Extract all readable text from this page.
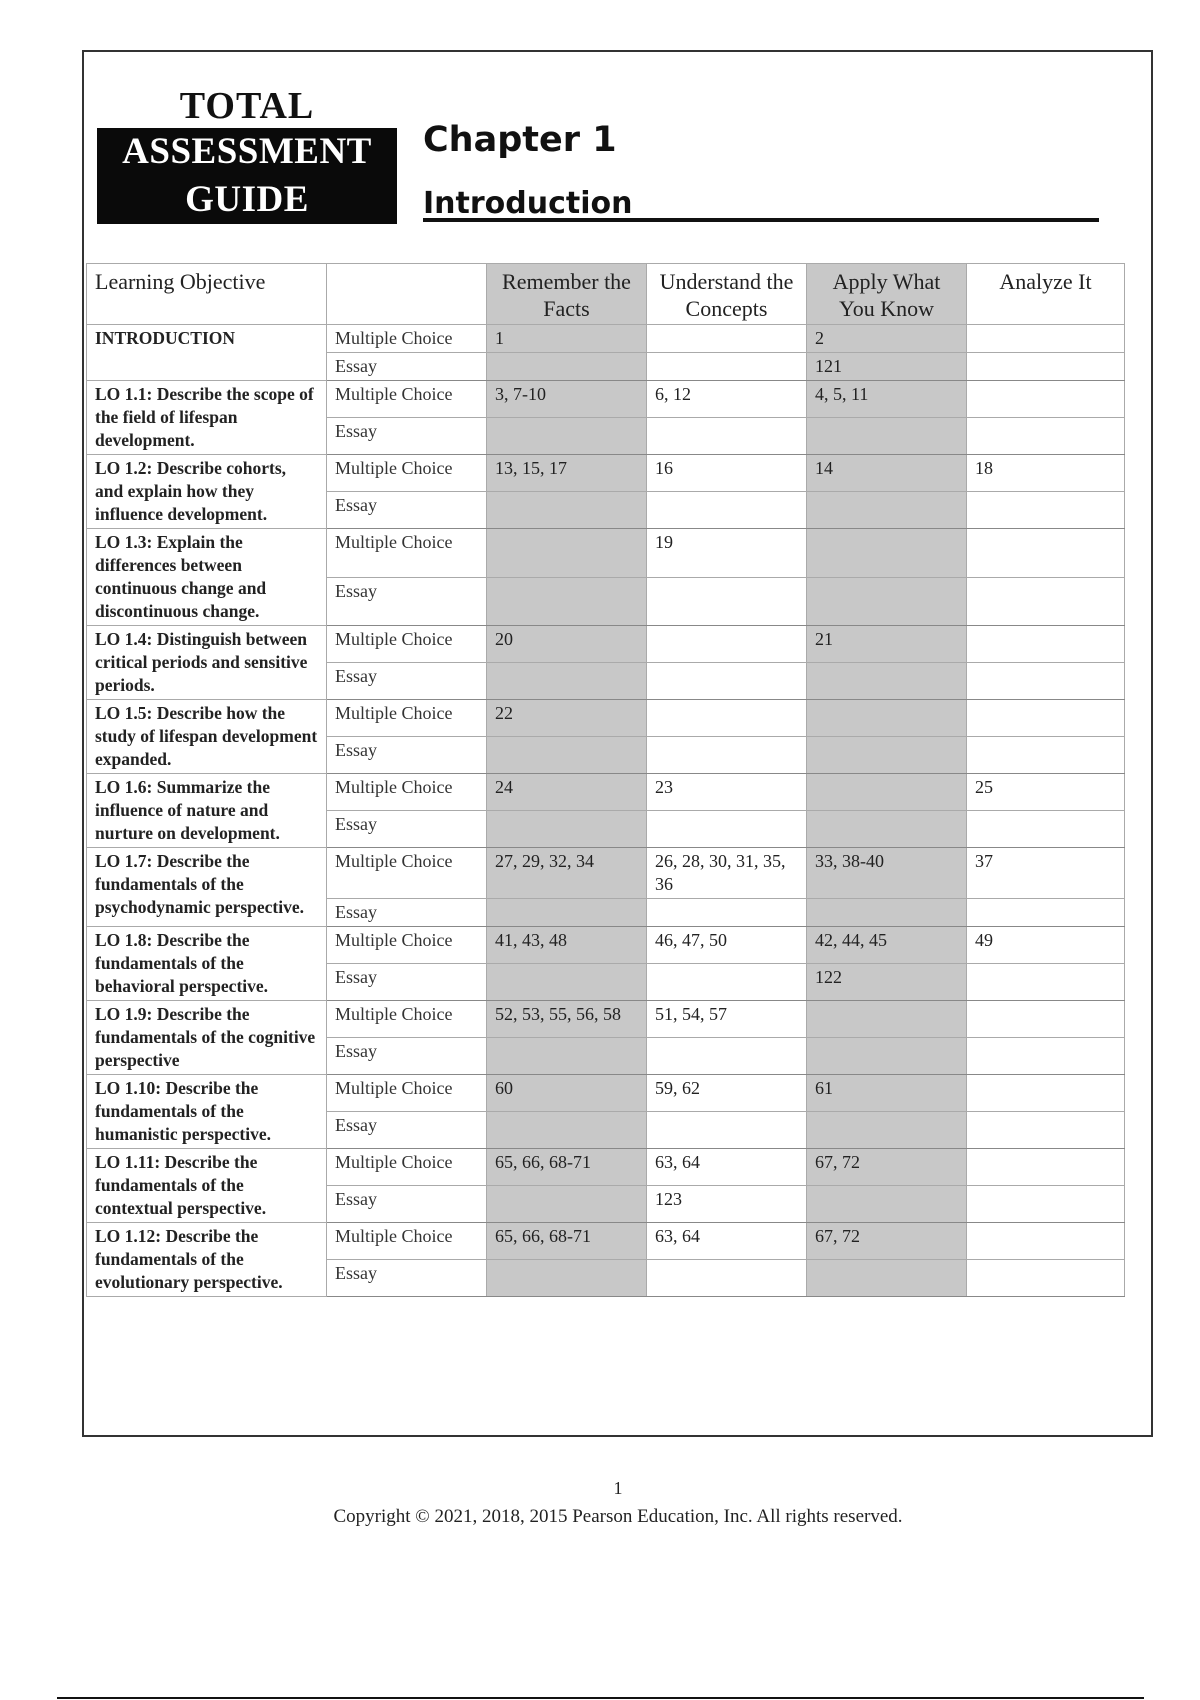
TOTAL
ASSESSMENT
GUIDE
Chapter 1
Introduction
Learning Objective		Remember the Facts	Understand the Concepts	Apply What You Know	Analyze It
INTRODUCTION	Multiple Choice	1		2	
	Essay			121	
LO 1.1: Describe the scope of the field of lifespan development.	Multiple Choice	3, 7-10	6, 12	4, 5, 11	
	Essay				
LO 1.2: Describe cohorts, and explain how they influence development.	Multiple Choice	13, 15, 17	16	14	18
	Essay				
LO 1.3: Explain the differences between continuous change and discontinuous change.	Multiple Choice		19		
	Essay				
LO 1.4: Distinguish between critical periods and sensitive periods.	Multiple Choice	20		21	
	Essay				
LO 1.5: Describe how the study of lifespan development expanded.	Multiple Choice	22			
	Essay				
LO 1.6: Summarize the influence of nature and nurture on development.	Multiple Choice	24	23		25
	Essay				
LO 1.7: Describe the fundamentals of the psychodynamic perspective.	Multiple Choice	27, 29, 32, 34	26, 28, 30, 31, 35, 36	33, 38-40	37
	Essay				
LO 1.8: Describe the fundamentals of the behavioral perspective.	Multiple Choice	41, 43, 48	46, 47, 50	42, 44, 45	49
	Essay			122	
LO 1.9: Describe the fundamentals of the cognitive perspective	Multiple Choice	52, 53, 55, 56, 58	51, 54, 57		
	Essay				
LO 1.10: Describe the fundamentals of the humanistic perspective.	Multiple Choice	60	59, 62	61	
	Essay				
LO 1.11: Describe the fundamentals of the contextual perspective.	Multiple Choice	65, 66, 68-71	63, 64	67, 72	
	Essay		123		
LO 1.12: Describe the fundamentals of the evolutionary perspective.	Multiple Choice	65, 66, 68-71	63, 64	67, 72	
	Essay				
1
Copyright © 2021, 2018, 2015 Pearson Education, Inc. All rights reserved.
